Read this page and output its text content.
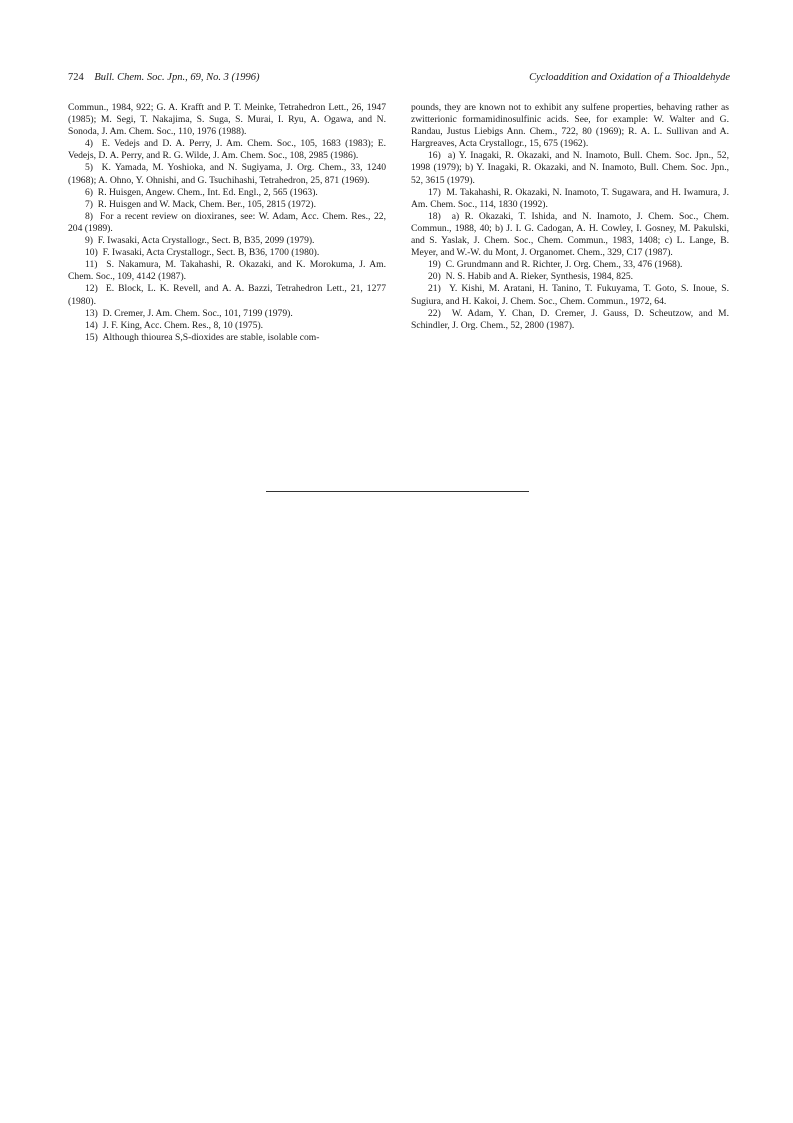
724 Bull. Chem. Soc. Jpn., 69, No. 3 (1996)	Cycloaddition and Oxidation of a Thioaldehyde

Commun., 1984, 922; G. A. Krafft and P. T. Meinke, Tetrahedron Lett., 26, 1947 (1985); M. Segi, T. Nakajima, S. Suga, S. Murai, I. Ryu, A. Ogawa, and N. Sonoda, J. Am. Chem. Soc., 110, 1976 (1988).

4)  E. Vedejs and D. A. Perry, J. Am. Chem. Soc., 105, 1683 (1983); E. Vedejs, D. A. Perry, and R. G. Wilde, J. Am. Chem. Soc., 108, 2985 (1986).

5)  K. Yamada, M. Yoshioka, and N. Sugiyama, J. Org. Chem., 33, 1240 (1968); A. Ohno, Y. Ohnishi, and G. Tsuchihashi, Tetrahedron, 25, 871 (1969).

6)  R. Huisgen, Angew. Chem., Int. Ed. Engl., 2, 565 (1963).

7)  R. Huisgen and W. Mack, Chem. Ber., 105, 2815 (1972).

8)  For a recent review on dioxiranes, see: W. Adam, Acc. Chem. Res., 22, 204 (1989).

9)  F. Iwasaki, Acta Crystallogr., Sect. B, B35, 2099 (1979).

10)  F. Iwasaki, Acta Crystallogr., Sect. B, B36, 1700 (1980).

11)  S. Nakamura, M. Takahashi, R. Okazaki, and K. Morokuma, J. Am. Chem. Soc., 109, 4142 (1987).

12)  E. Block, L. K. Revell, and A. A. Bazzi, Tetrahedron Lett., 21, 1277 (1980).

13)  D. Cremer, J. Am. Chem. Soc., 101, 7199 (1979).

14)  J. F. King, Acc. Chem. Res., 8, 10 (1975).

15)  Although thiourea S,S-dioxides are stable, isolable com-

pounds, they are known not to exhibit any sulfene properties, behaving rather as zwitterionic formamidinosulfinic acids. See, for example: W. Walter and G. Randau, Justus Liebigs Ann. Chem., 722, 80 (1969); R. A. L. Sullivan and A. Hargreaves, Acta Crystallogr., 15, 675 (1962).

16)  a) Y. Inagaki, R. Okazaki, and N. Inamoto, Bull. Chem. Soc. Jpn., 52, 1998 (1979); b) Y. Inagaki, R. Okazaki, and N. Inamoto, Bull. Chem. Soc. Jpn., 52, 3615 (1979).

17)  M. Takahashi, R. Okazaki, N. Inamoto, T. Sugawara, and H. Iwamura, J. Am. Chem. Soc., 114, 1830 (1992).

18)  a) R. Okazaki, T. Ishida, and N. Inamoto, J. Chem. Soc., Chem. Commun., 1988, 40; b) J. I. G. Cadogan, A. H. Cowley, I. Gosney, M. Pakulski, and S. Yaslak, J. Chem. Soc., Chem. Commun., 1983, 1408; c) L. Lange, B. Meyer, and W.-W. du Mont, J. Organomet. Chem., 329, C17 (1987).

19)  C. Grundmann and R. Richter, J. Org. Chem., 33, 476 (1968).

20)  N. S. Habib and A. Rieker, Synthesis, 1984, 825.

21)  Y. Kishi, M. Aratani, H. Tanino, T. Fukuyama, T. Goto, S. Inoue, S. Sugiura, and H. Kakoi, J. Chem. Soc., Chem. Commun., 1972, 64.

22)  W. Adam, Y. Chan, D. Cremer, J. Gauss, D. Scheutzow, and M. Schindler, J. Org. Chem., 52, 2800 (1987).
